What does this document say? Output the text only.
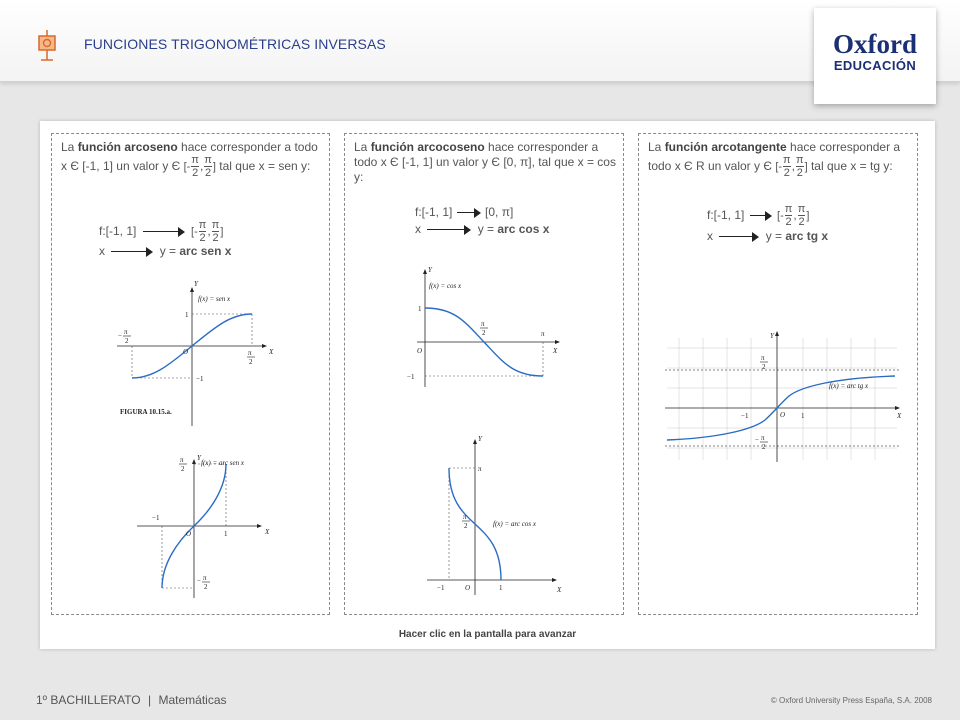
FUNCIONES TRIGONOMÉTRICAS INVERSAS	Oxford
EDUCACIÓN
La función arcoseno hace corresponder a todo x Є [-1, 1] un valor y Є [- $\frac{\pi}{2}$ , $\frac{\pi}{2}$ ] tal que x = sen y:
f:[-1, 1]	[- $\frac{\pi}{2}$ , $\frac{\pi}{2}$ ]
x	y = arc sen x
f(x) = sen x
Y
X
O
1
−1
− π
2
π
2
FIGURA 10.15.a.
f(x) = arc sen x
Y
X
O	1
−1
π
2
− π
2
La función arcocoseno hace corresponder a todo x Є [-1, 1] un valor y Є [0, π], tal que x = cos y:
f:[-1, 1]	[0, π]
x	y = arc cos x
f(x) = cos x
Y
X
O
1
−1
π
2	π
f(x) = arc cos x
Y
X
O	1
−1
π
π
2
La función arcotangente hace corresponder a todo x Є R un valor y Є [- $\frac{\pi}{2}$ , $\frac{\pi}{2}$ ] tal que x = tg y:
f:[-1, 1]	[- $\frac{\pi}{2}$ , $\frac{\pi}{2}$ ]
x	y = arc tg x
f(x) = arc tg x
Y
X
O 1
−1
π
2
− π
2
Hacer clic en la pantalla para avanzar
1º BACHILLERATO | Matemáticas	© Oxford University Press España, S.A. 2008
